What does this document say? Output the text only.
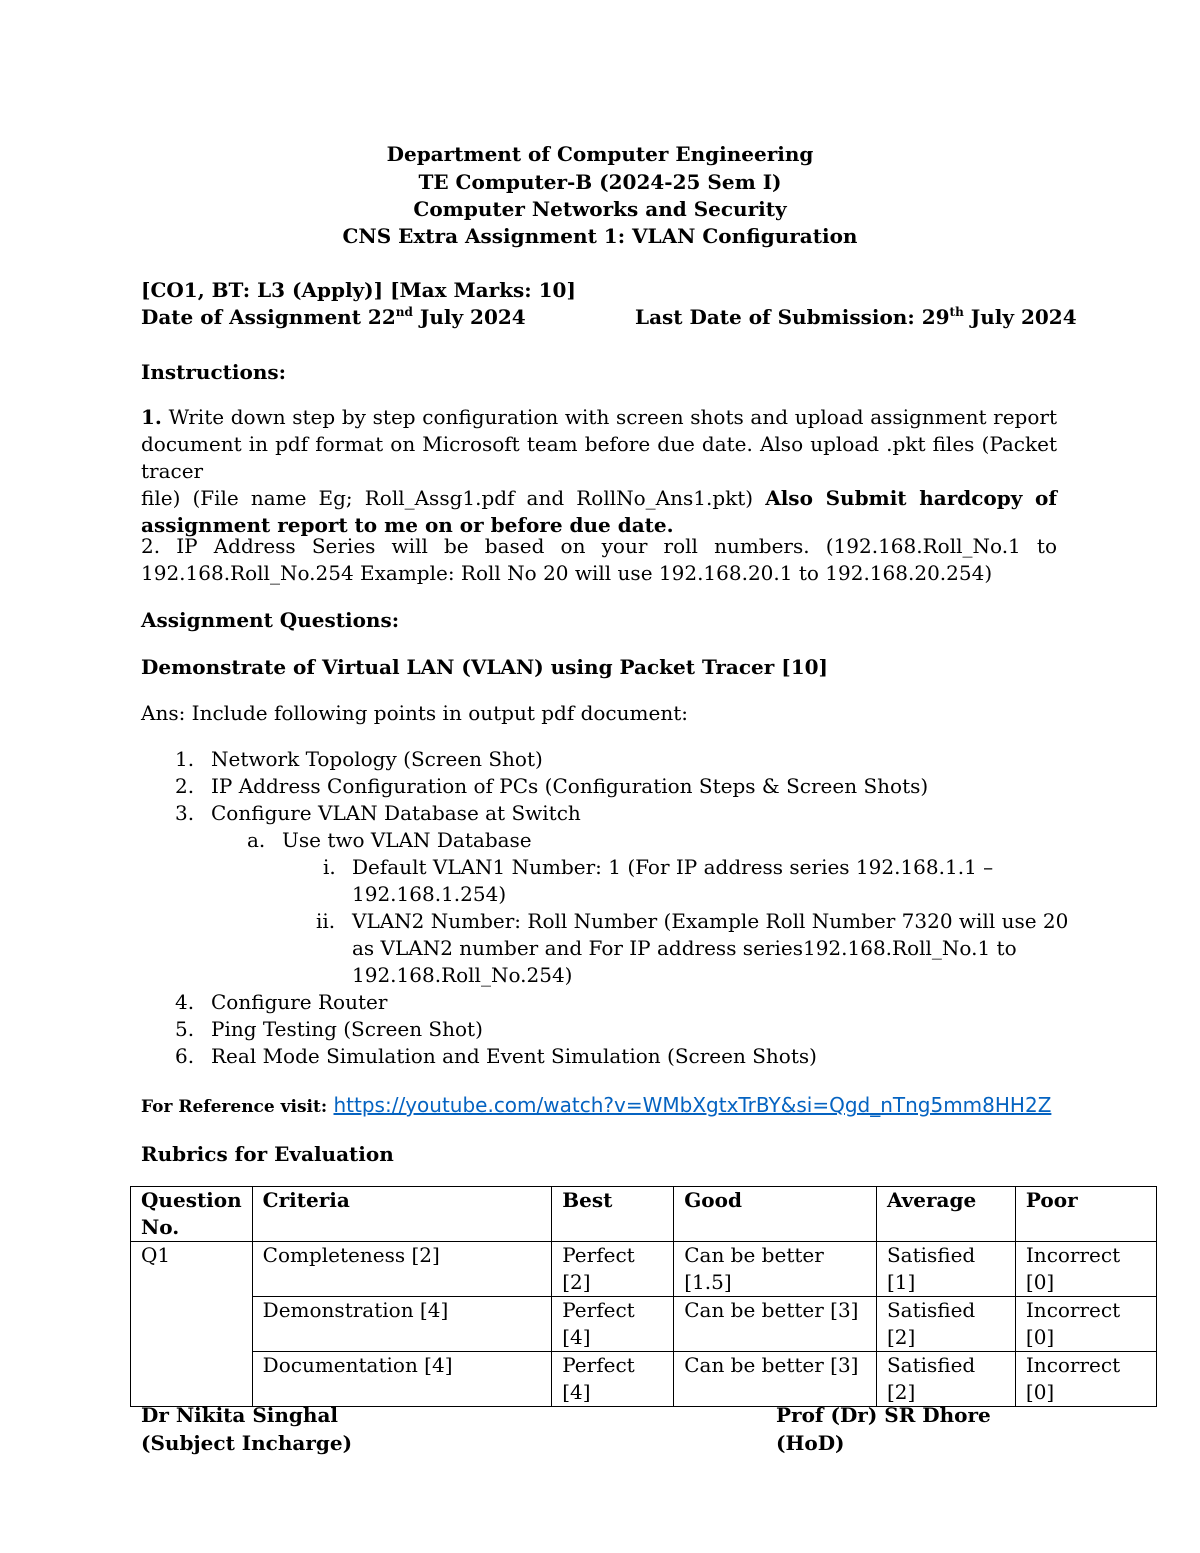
Department of Computer Engineering
TE Computer-B (2024-25 Sem I)
Computer Networks and Security
CNS Extra Assignment 1: VLAN Configuration
[CO1, BT: L3 (Apply)] [Max Marks: 10]
Date of Assignment 22nd July 2024	Last Date of Submission: 29th July 2024
Instructions:
1. Write down step by step configuration with screen shots and upload assignment report
document in pdf format on Microsoft team before due date. Also upload .pkt files (Packet tracer
file) (File name Eg; Roll_Assg1.pdf and RollNo_Ans1.pkt) Also Submit hardcopy of
assignment report to me on or before due date.
2. IP Address Series will be based on your roll numbers. (192.168.Roll_No.1 to
192.168.Roll_No.254 Example: Roll No 20 will use 192.168.20.1 to 192.168.20.254)
Assignment Questions:
Demonstrate of Virtual LAN (VLAN) using Packet Tracer [10]
Ans: Include following points in output pdf document:
1. Network Topology (Screen Shot)
2. IP Address Configuration of PCs (Configuration Steps & Screen Shots)
3. Configure VLAN Database at Switch
a. Use two VLAN Database
i. Default VLAN1 Number: 1 (For IP address series 192.168.1.1 –
192.168.1.254)
ii. VLAN2 Number: Roll Number (Example Roll Number 7320 will use 20
as VLAN2 number and For IP address series192.168.Roll_No.1 to
192.168.Roll_No.254)
4. Configure Router
5. Ping Testing (Screen Shot)
6. Real Mode Simulation and Event Simulation (Screen Shots)
For Reference visit: https://youtube.com/watch?v=WMbXgtxTrBY&si=Qgd_nTng5mm8HH2Z
Rubrics for Evaluation
Question
No.	Criteria	Best	Good	Average	Poor
Q1	Completeness [2]	Perfect [2]	Can be better [1.5]	Satisfied [1]	Incorrect [0]
	Demonstration [4]	Perfect [4]	Can be better [3]	Satisfied [2]	Incorrect [0]
	Documentation [4]	Perfect [4]	Can be better [3]	Satisfied [2]	Incorrect [0]
Dr Nikita Singhal
(Subject Incharge)
Prof (Dr) SR Dhore
(HoD)
